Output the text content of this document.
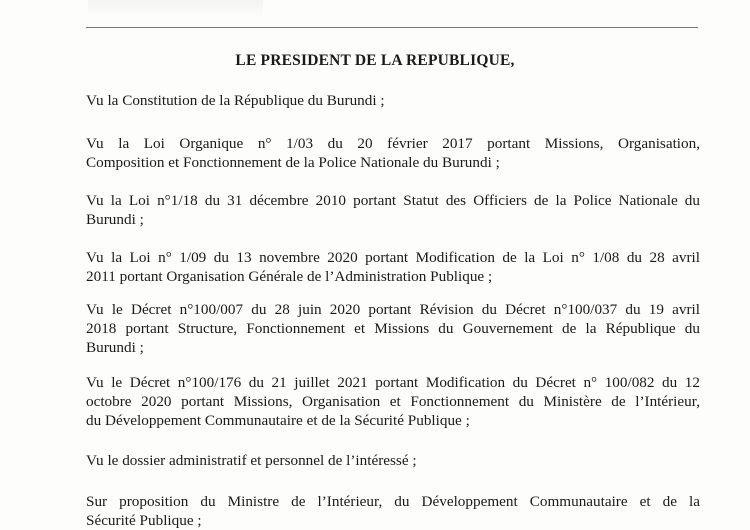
LE PRESIDENT DE LA REPUBLIQUE,
Vu la Constitution de la République du Burundi ;
Vu la Loi Organique n° 1/03 du 20 février 2017 portant Missions, Organisation,
Composition et Fonctionnement de la Police Nationale du Burundi ;
Vu la Loi n°1/18 du 31 décembre 2010 portant Statut des Officiers de la Police Nationale du
Burundi ;
Vu la Loi n° 1/09 du 13 novembre 2020 portant Modification de la Loi n° 1/08 du 28 avril
2011 portant Organisation Générale de l’Administration Publique ;
Vu le Décret n°100/007 du 28 juin 2020 portant Révision du Décret n°100/037 du 19 avril
2018 portant Structure, Fonctionnement et Missions du Gouvernement de la République du
Burundi ;
Vu le Décret n°100/176 du 21 juillet 2021 portant Modification du Décret n° 100/082 du 12
octobre 2020 portant Missions, Organisation et Fonctionnement du Ministère de l’Intérieur,
du Développement Communautaire et de la Sécurité Publique ;
Vu le dossier administratif et personnel de l’intéressé ;
Sur proposition du Ministre de l’Intérieur, du Développement Communautaire et de la
Sécurité Publique ;
